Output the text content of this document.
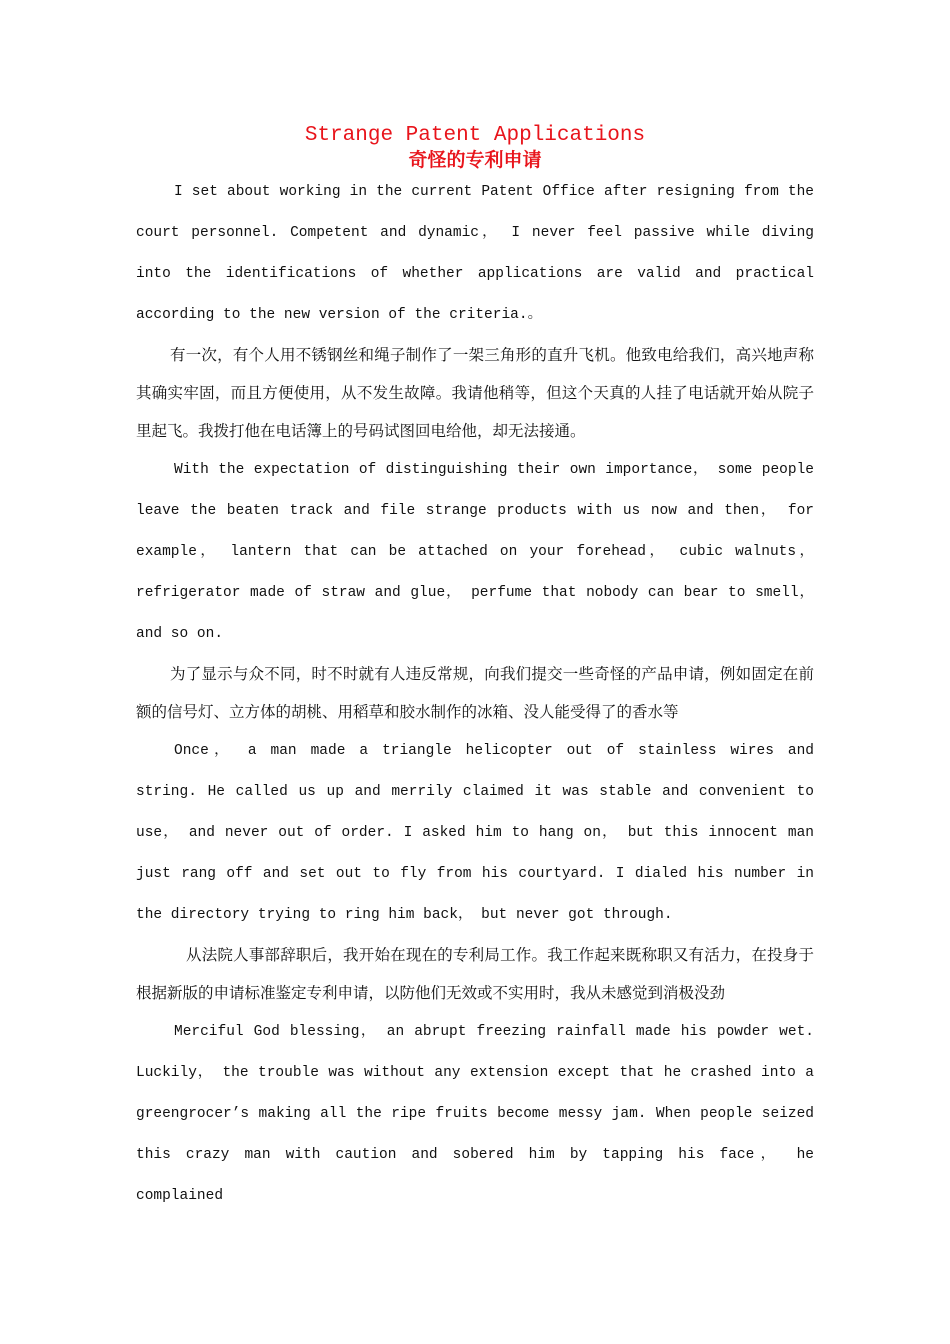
Strange Patent Applications
奇怪的专利申请

I set about working in the current Patent Office after resigning from the court personnel. Competent and dynamic， I never feel passive while diving into the identifications of whether applications are valid and practical according to the new version of the criteria.。

有一次，有个人用不锈钢丝和绳子制作了一架三角形的直升飞机。他致电给我们，高兴地声称其确实牢固，而且方便使用，从不发生故障。我请他稍等，但这个天真的人挂了电话就开始从院子里起飞。我拨打他在电话簿上的号码试图回电给他，却无法接通。

With the expectation of distinguishing their own importance， some people leave the beaten track and file strange products with us now and then， for example， lantern that can be attached on your forehead， cubic walnuts， refrigerator made of straw and glue， perfume that nobody can bear to smell， and so on.

为了显示与众不同，时不时就有人违反常规，向我们提交一些奇怪的产品申请，例如固定在前额的信号灯、立方体的胡桃、用稻草和胶水制作的冰箱、没人能受得了的香水等

Once， a man made a triangle helicopter out of stainless wires and string. He called us up and merrily claimed it was stable and convenient to use， and never out of order. I asked him to hang on， but this innocent man just rang off and set out to fly from his courtyard. I dialed his number in the directory trying to ring him back， but never got through.

从法院人事部辞职后，我开始在现在的专利局工作。我工作起来既称职又有活力，在投身于根据新版的申请标准鉴定专利申请，以防他们无效或不实用时，我从未感觉到消极没劲

Merciful God blessing， an abrupt freezing rainfall made his powder wet. Luckily， the trouble was without any extension except that he crashed into a greengrocer’s making all the ripe fruits become messy jam. When people seized this crazy man with caution and sobered him by tapping his face， he complained
